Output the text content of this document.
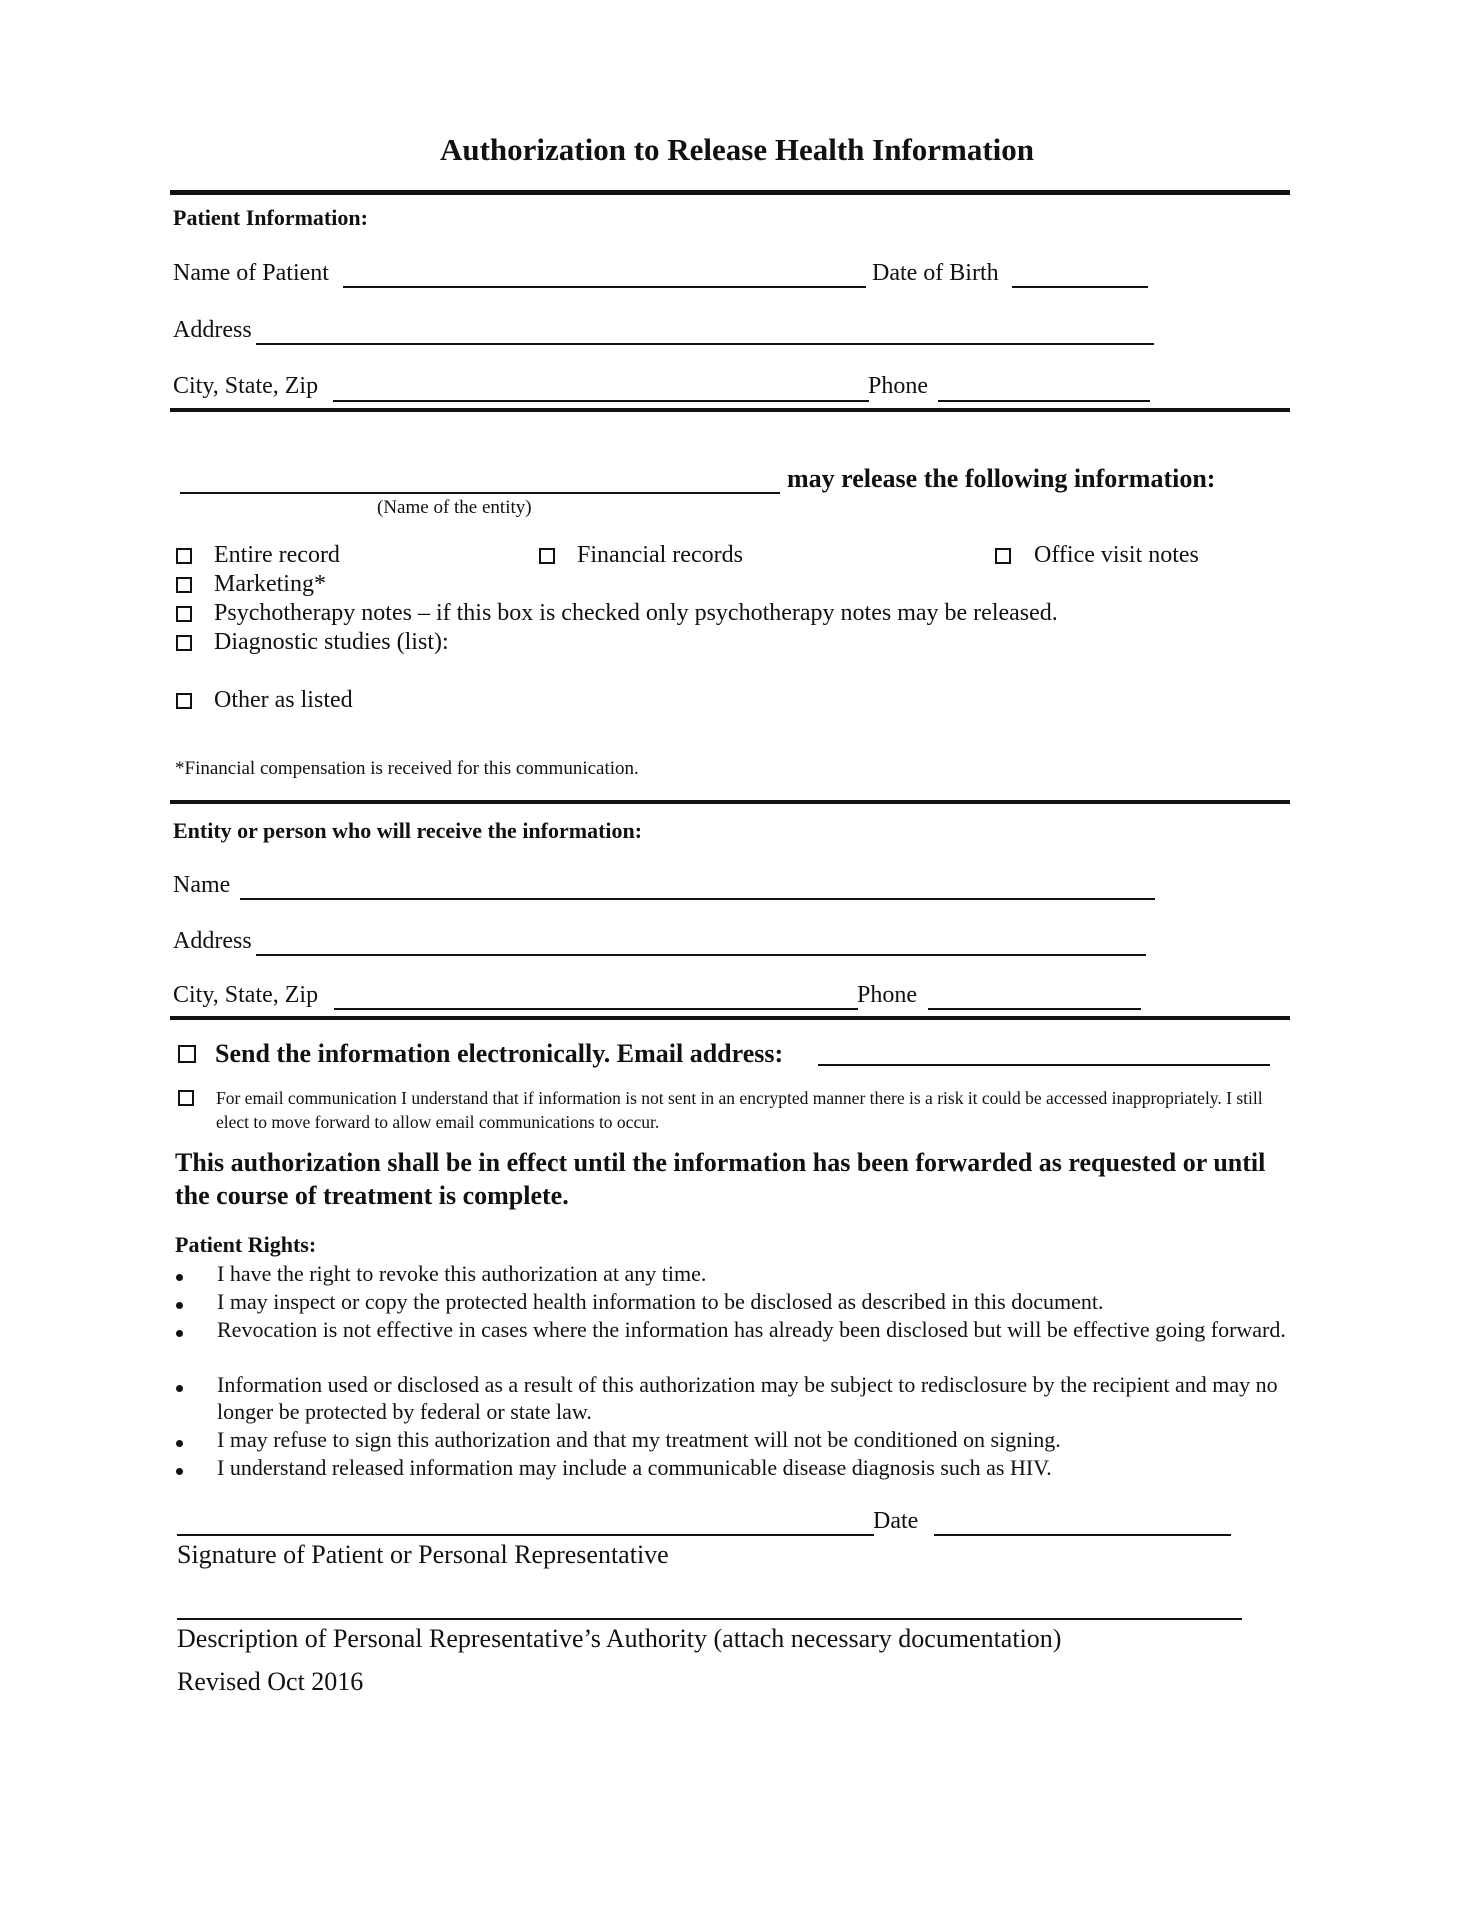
Authorization to Release Health Information
Patient Information:
Name of Patient	Date of Birth
Address
City, State, Zip	Phone
may release the following information:
(Name of the entity)
Entire record	Financial records	Office visit notes
Marketing*
Psychotherapy notes – if this box is checked only psychotherapy notes may be released.
Diagnostic studies (list):
Other as listed
*Financial compensation is received for this communication.
Entity or person who will receive the information:
Name
Address
City, State, Zip	Phone
Send the information electronically. Email address:
For email communication I understand that if information is not sent in an encrypted manner there is a risk it could be accessed inappropriately. I still elect to move forward to allow email communications to occur.
This authorization shall be in effect until the information has been forwarded as requested or until the course of treatment is complete.
Patient Rights:
I have the right to revoke this authorization at any time.
I may inspect or copy the protected health information to be disclosed as described in this document.
Revocation is not effective in cases where the information has already been disclosed but will be effective going forward.
Information used or disclosed as a result of this authorization may be subject to redisclosure by the recipient and may no longer be protected by federal or state law.
I may refuse to sign this authorization and that my treatment will not be conditioned on signing.
I understand released information may include a communicable disease diagnosis such as HIV.
Date
Signature of Patient or Personal Representative
Description of Personal Representative’s Authority (attach necessary documentation)
Revised Oct 2016
